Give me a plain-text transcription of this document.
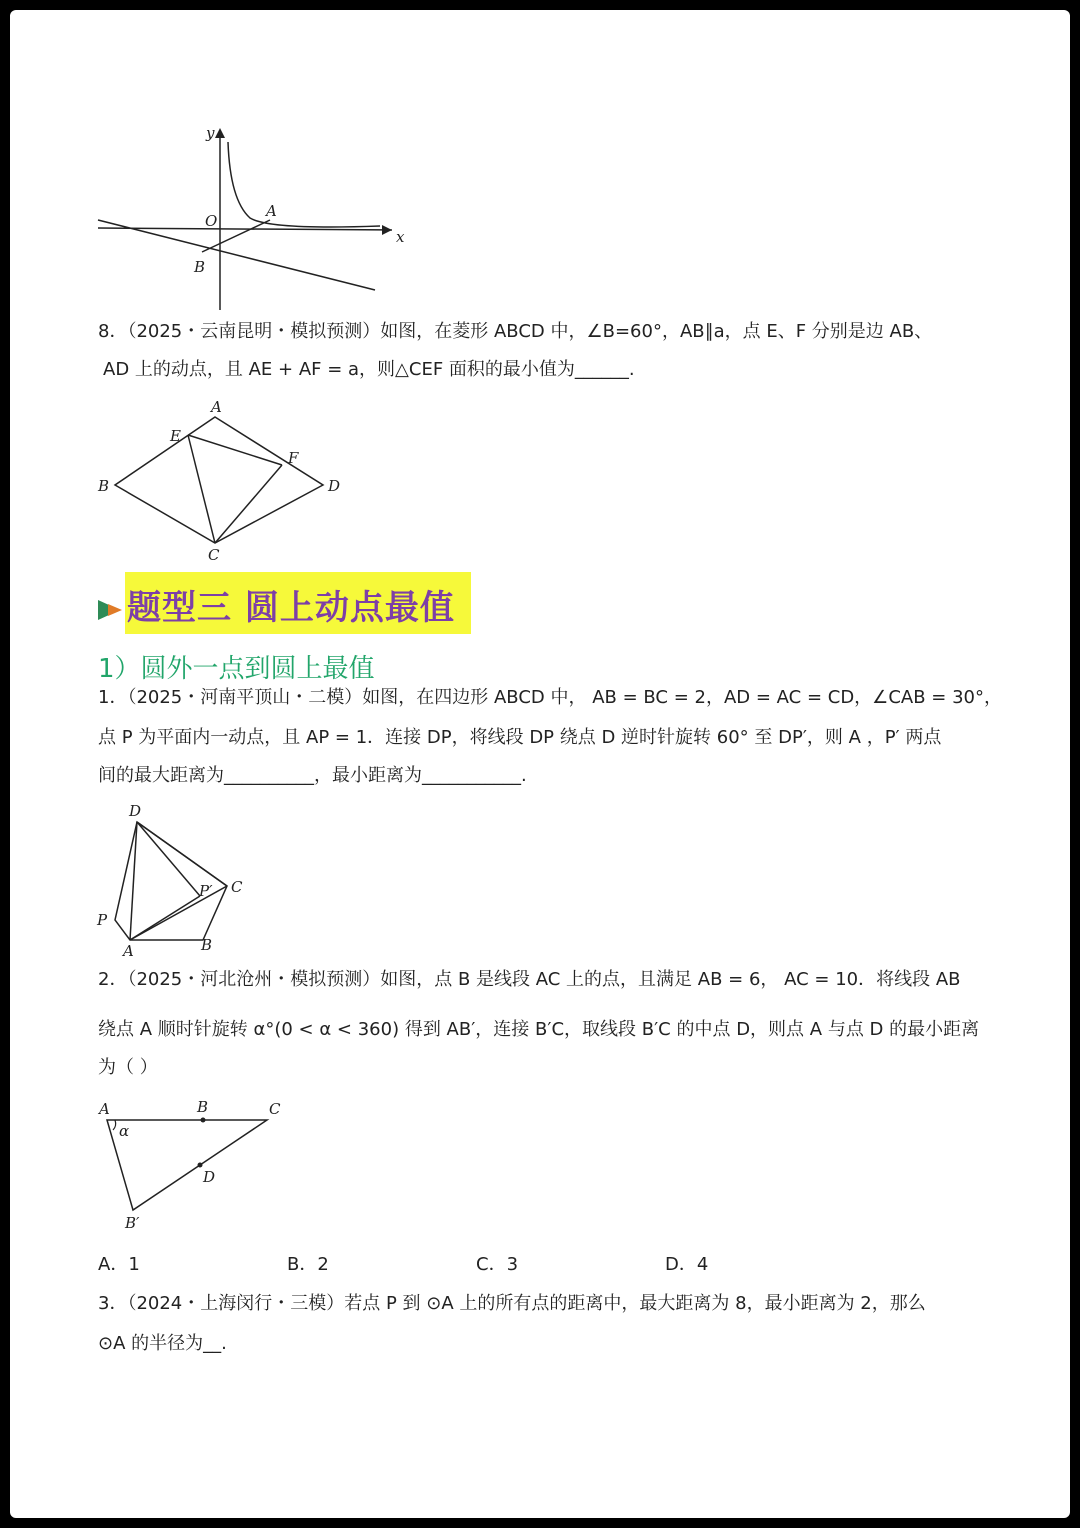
y
x
O
A
B
8．（2025・云南昆明・模拟预测）如图，在菱形 ABCD 中，∠B=60°，AB∥a，点 E、F 分别是边 AB、
AD 上的动点，且 AE + AF = a，则△CEF 面积的最小值为______.
A
B
C
D
E
F
题型三 圆上动点最值
1）圆外一点到圆上最值
1．（2025・河南平顶山・二模）如图，在四边形 ABCD 中， AB = BC = 2，AD = AC = CD，∠CAB = 30°，
点 P 为平面内一动点，且 AP = 1．连接 DP，将线段 DP 绕点 D 逆时针旋转 60° 至 DP′，则 A ，P′ 两点
间的最大距离为__________，最小距离为___________.
D
C
P′
P
A	B
2．（2025・河北沧州・模拟预测）如图，点 B 是线段 AC 上的点，且满足 AB = 6， AC = 10．将线段 AB
绕点 A 顺时针旋转 α°(0 < α < 360) 得到 AB′，连接 B′C，取线段 B′C 的中点 D，则点 A 与点 D 的最小距离
为（ ）
A	B	C
α
D
B′
A．1	B．2	C．3	D．4
3．（2024・上海闵行・三模）若点 P 到 ⊙A 上的所有点的距离中，最大距离为 8，最小距离为 2，那么
⊙A 的半径为__.
